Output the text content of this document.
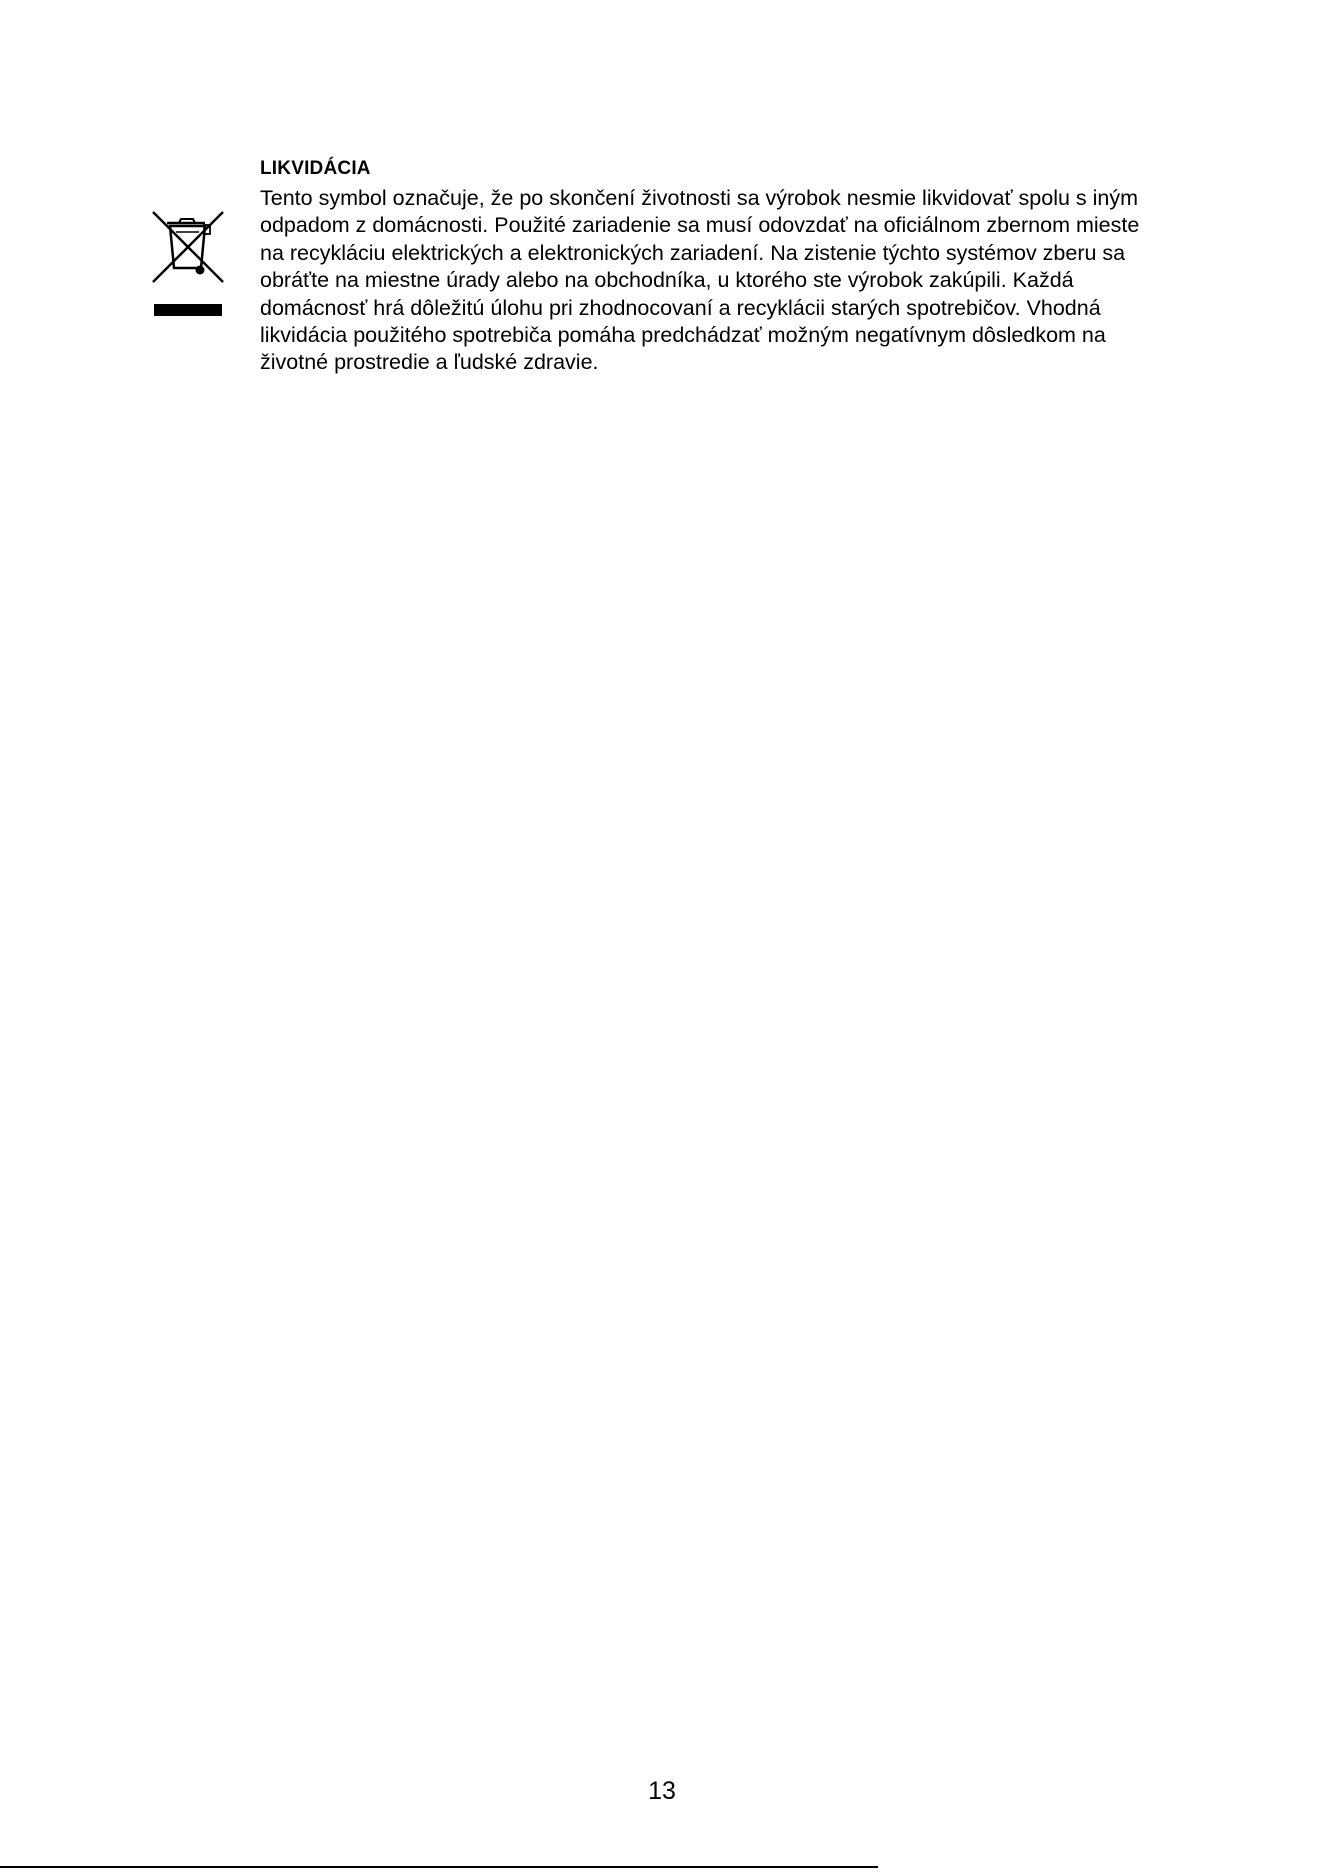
LIKVIDÁCIA
Tento symbol označuje, že po skončení životnosti sa výrobok nesmie likvidovať spolu s iným
odpadom z domácnosti. Použité zariadenie sa musí odovzdať na oficiálnom zbernom mieste
na recykláciu elektrických a elektronických zariadení. Na zistenie týchto systémov zberu sa
obráťte na miestne úrady alebo na obchodníka, u ktorého ste výrobok zakúpili. Každá
domácnosť hrá dôležitú úlohu pri zhodnocovaní a recyklácii starých spotrebičov. Vhodná
likvidácia použitého spotrebiča pomáha predchádzať možným negatívnym dôsledkom na
životné prostredie a ľudské zdravie.
13
